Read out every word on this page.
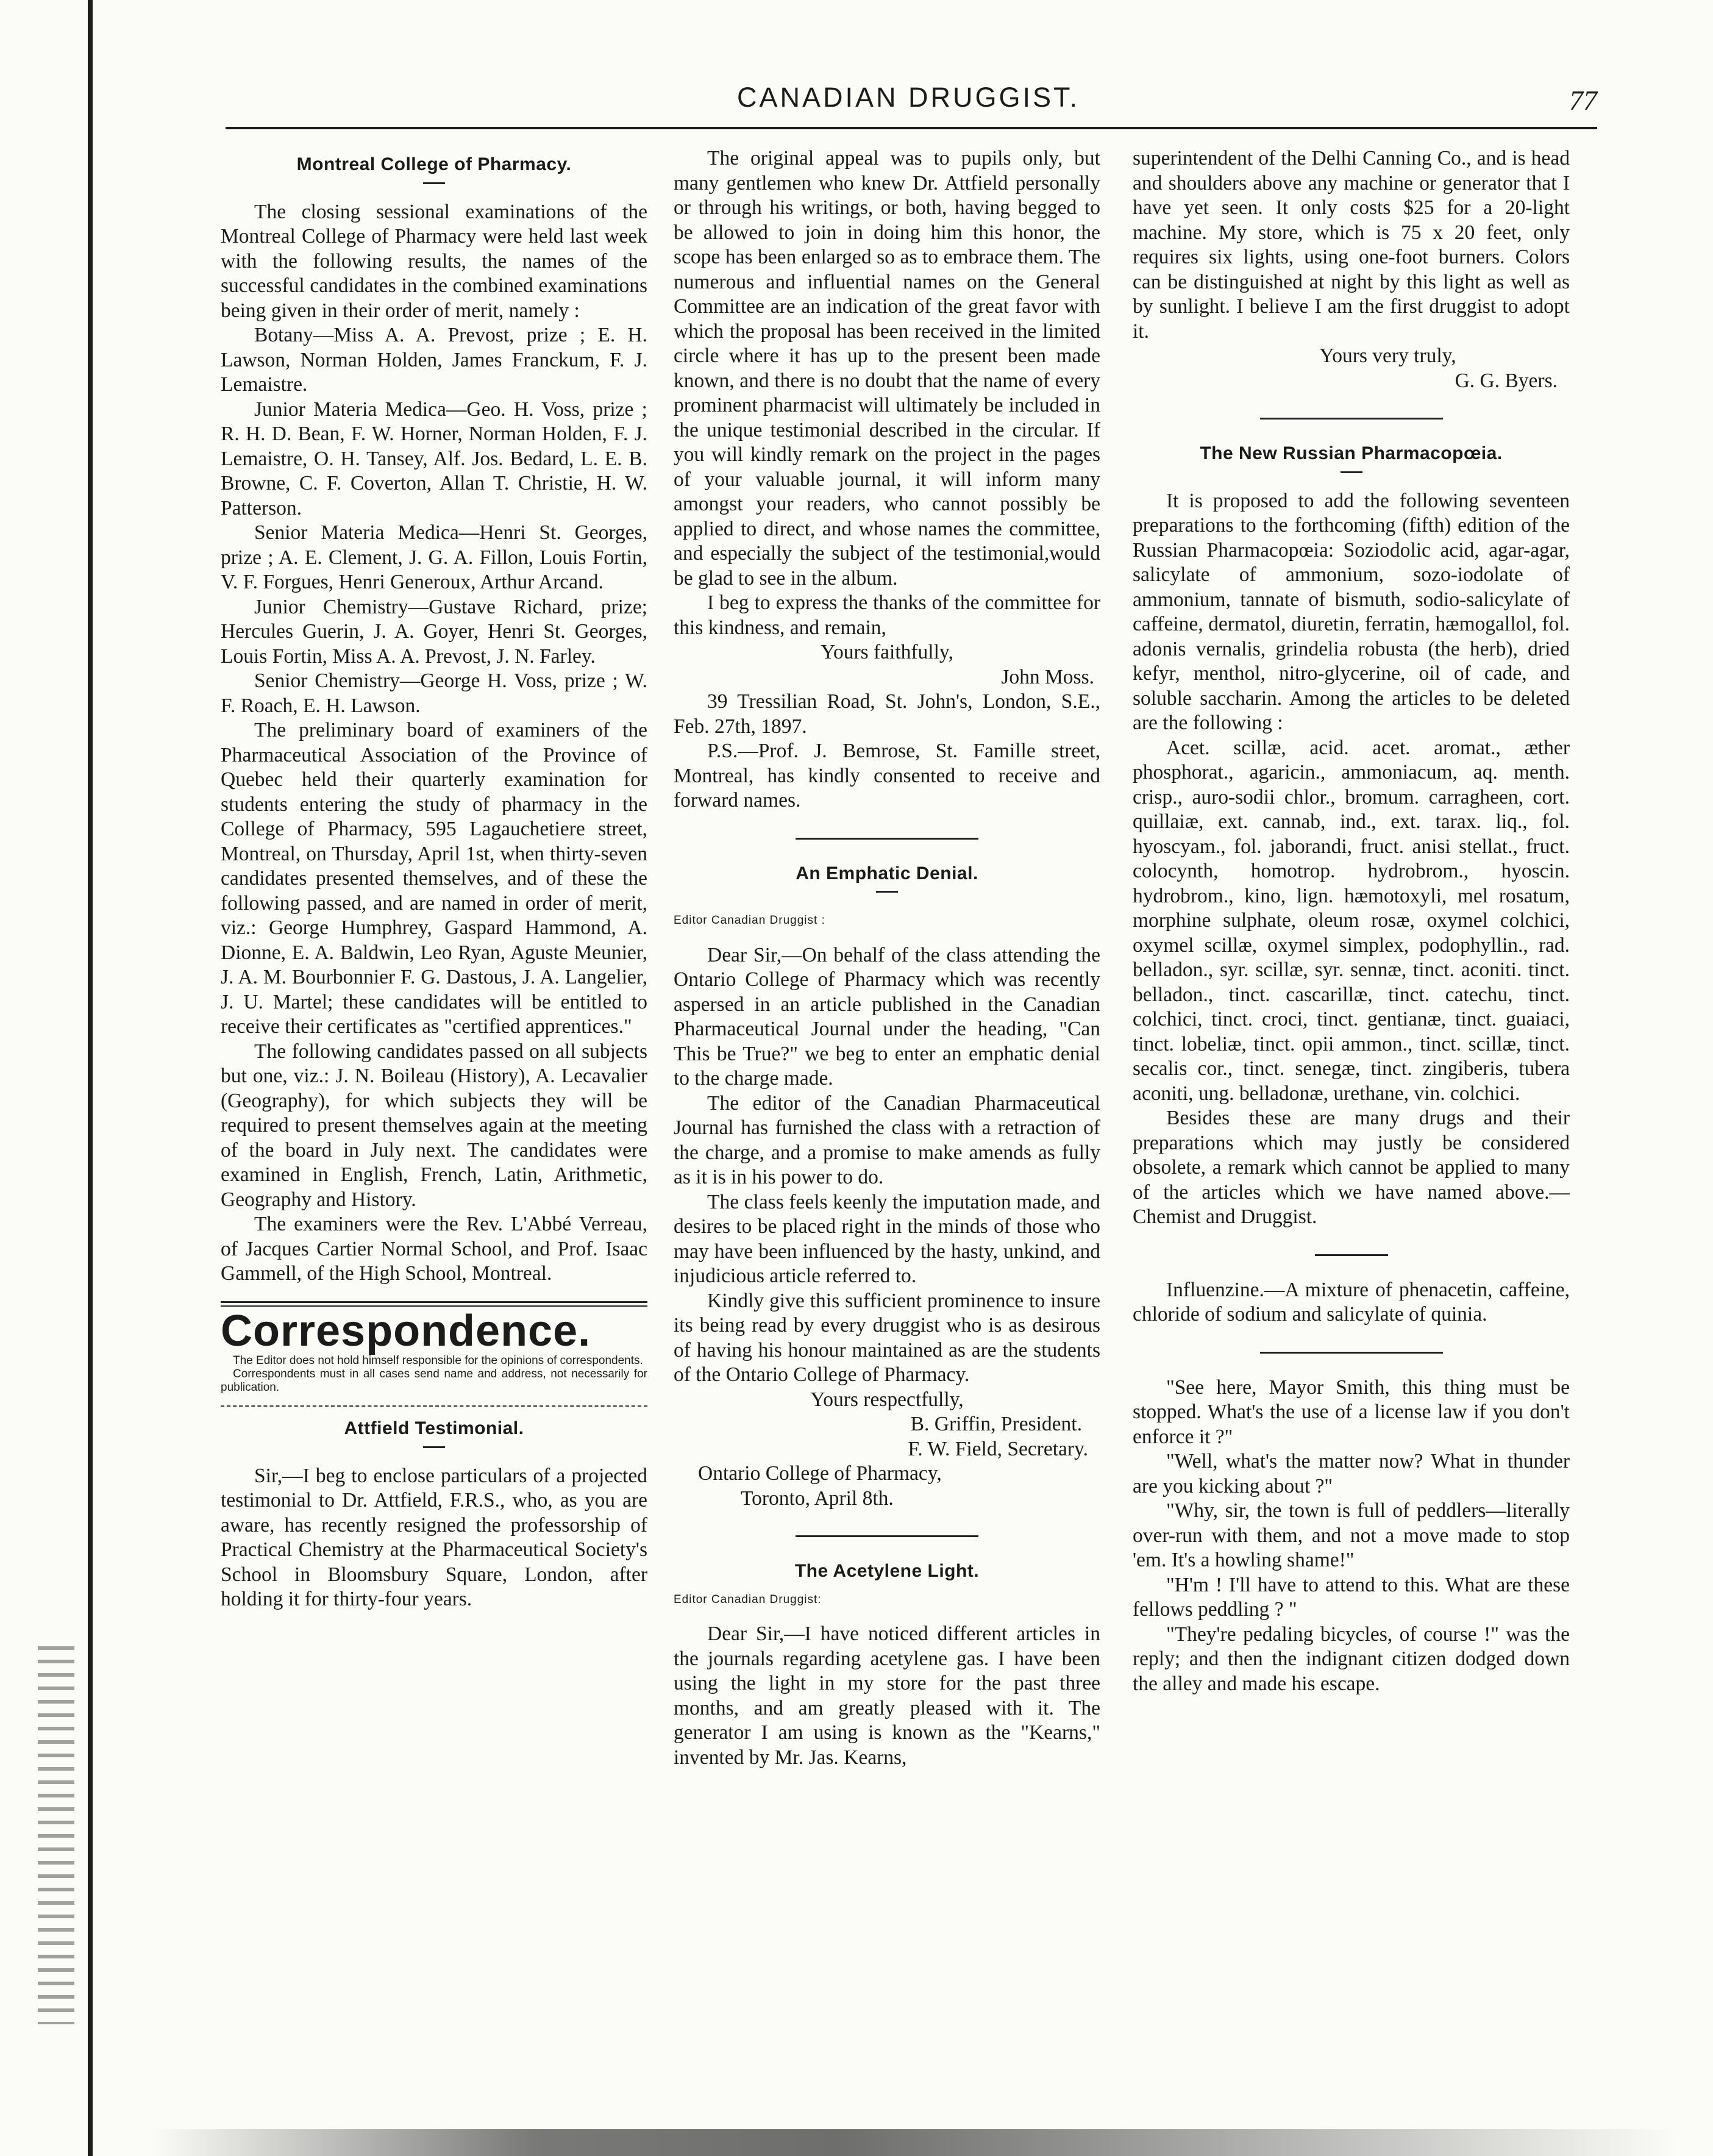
CANADIAN DRUGGIST.	77
Montreal College of Pharmacy.

The closing sessional examinations of the Montreal College of Pharmacy were held last week with the following results, the names of the successful candidates in the combined examinations being given in their order of merit, namely :

Botany—Miss A. A. Prevost, prize ; E. H. Lawson, Norman Holden, James Franckum, F. J. Lemaistre.

Junior Materia Medica—Geo. H. Voss, prize ; R. H. D. Bean, F. W. Horner, Norman Holden, F. J. Lemaistre, O. H. Tansey, Alf. Jos. Bedard, L. E. B. Browne, C. F. Coverton, Allan T. Christie, H. W. Patterson.

Senior Materia Medica—Henri St. Georges, prize ; A. E. Clement, J. G. A. Fillon, Louis Fortin, V. F. Forgues, Henri Generoux, Arthur Arcand.

Junior Chemistry—Gustave Richard, prize; Hercules Guerin, J. A. Goyer, Henri St. Georges, Louis Fortin, Miss A. A. Prevost, J. N. Farley.

Senior Chemistry—George H. Voss, prize ; W. F. Roach, E. H. Lawson.

The preliminary board of examiners of the Pharmaceutical Association of the Province of Quebec held their quarterly examination for students entering the study of pharmacy in the College of Pharmacy, 595 Lagauchetiere street, Montreal, on Thursday, April 1st, when thirty-seven candidates presented themselves, and of these the following passed, and are named in order of merit, viz.: George Humphrey, Gaspard Hammond, A. Dionne, E. A. Baldwin, Leo Ryan, Aguste Meunier, J. A. M. Bourbonnier F. G. Dastous, J. A. Langelier, J. U. Martel; these candidates will be entitled to receive their certificates as "certified apprentices."

The following candidates passed on all subjects but one, viz.: J. N. Boileau (History), A. Lecavalier (Geography), for which subjects they will be required to present themselves again at the meeting of the board in July next. The candidates were examined in English, French, Latin, Arithmetic, Geography and History.

The examiners were the Rev. L'Abbé Verreau, of Jacques Cartier Normal School, and Prof. Isaac Gammell, of the High School, Montreal.

Correspondence.
The Editor does not hold himself responsible for the opinions of correspondents.
Correspondents must in all cases send name and address, not necessarily for publication.
Attfield Testimonial.

Sir,—I beg to enclose particulars of a projected testimonial to Dr. Attfield, F.R.S., who, as you are aware, has recently resigned the professorship of Practical Chemistry at the Pharmaceutical Society's School in Bloomsbury Square, London, after holding it for thirty-four years.

The original appeal was to pupils only, but many gentlemen who knew Dr. Attfield personally or through his writings, or both, having begged to be allowed to join in doing him this honor, the scope has been enlarged so as to embrace them. The numerous and influential names on the General Committee are an indication of the great favor with which the proposal has been received in the limited circle where it has up to the present been made known, and there is no doubt that the name of every prominent pharmacist will ultimately be included in the unique testimonial described in the circular. If you will kindly remark on the project in the pages of your valuable journal, it will inform many amongst your readers, who cannot possibly be applied to direct, and whose names the committee, and especially the subject of the testimonial,would be glad to see in the album.

I beg to express the thanks of the committee for this kindness, and remain,

Yours faithfully,

John Moss.

39 Tressilian Road, St. John's, London, S.E., Feb. 27th, 1897.

P.S.—Prof. J. Bemrose, St. Famille street, Montreal, has kindly consented to receive and forward names.

An Emphatic Denial.

Editor Canadian Druggist :

Dear Sir,—On behalf of the class attending the Ontario College of Pharmacy which was recently aspersed in an article published in the Canadian Pharmaceutical Journal under the heading, "Can This be True?" we beg to enter an emphatic denial to the charge made.

The editor of the Canadian Pharmaceutical Journal has furnished the class with a retraction of the charge, and a promise to make amends as fully as it is in his power to do.

The class feels keenly the imputation made, and desires to be placed right in the minds of those who may have been influenced by the hasty, unkind, and injudicious article referred to.

Kindly give this sufficient prominence to insure its being read by every druggist who is as desirous of having his honour maintained as are the students of the Ontario College of Pharmacy.

Yours respectfully,

B. Griffin, President.

F. W. Field, Secretary.

Ontario College of Pharmacy,

Toronto, April 8th.

The Acetylene Light.

Editor Canadian Druggist:

Dear Sir,—I have noticed different articles in the journals regarding acetylene gas. I have been using the light in my store for the past three months, and am greatly pleased with it. The generator I am using is known as the "Kearns," invented by Mr. Jas. Kearns,

superintendent of the Delhi Canning Co., and is head and shoulders above any machine or generator that I have yet seen. It only costs $25 for a 20-light machine. My store, which is 75 x 20 feet, only requires six lights, using one-foot burners. Colors can be distinguished at night by this light as well as by sunlight. I believe I am the first druggist to adopt it.

Yours very truly,

G. G. Byers.

The New Russian Pharmacopœia.

It is proposed to add the following seventeen preparations to the forthcoming (fifth) edition of the Russian Pharmacopœia: Soziodolic acid, agar-agar, salicylate of ammonium, sozo-iodolate of ammonium, tannate of bismuth, sodio-salicylate of caffeine, dermatol, diuretin, ferratin, hæmogallol, fol. adonis vernalis, grindelia robusta (the herb), dried kefyr, menthol, nitro-glycerine, oil of cade, and soluble saccharin. Among the articles to be deleted are the following :

Acet. scillæ, acid. acet. aromat., æther phosphorat., agaricin., ammoniacum, aq. menth. crisp., auro-sodii chlor., bromum. carragheen, cort. quillaiæ, ext. cannab, ind., ext. tarax. liq., fol. hyoscyam., fol. jaborandi, fruct. anisi stellat., fruct. colocynth, homotrop. hydrobrom., hyoscin. hydrobrom., kino, lign. hæmotoxyli, mel rosatum, morphine sulphate, oleum rosæ, oxymel colchici, oxymel scillæ, oxymel simplex, podophyllin., rad. belladon., syr. scillæ, syr. sennæ, tinct. aconiti. tinct. belladon., tinct. cascarillæ, tinct. catechu, tinct. colchici, tinct. croci, tinct. gentianæ, tinct. guaiaci, tinct. lobeliæ, tinct. opii ammon., tinct. scillæ, tinct. secalis cor., tinct. senegæ, tinct. zingiberis, tubera aconiti, ung. belladonæ, urethane, vin. colchici.

Besides these are many drugs and their preparations which may justly be considered obsolete, a remark which cannot be applied to many of the articles which we have named above.—Chemist and Druggist.

Influenzine.—A mixture of phenacetin, caffeine, chloride of sodium and salicylate of quinia.

"See here, Mayor Smith, this thing must be stopped. What's the use of a license law if you don't enforce it ?"

"Well, what's the matter now? What in thunder are you kicking about ?"

"Why, sir, the town is full of peddlers—literally over-run with them, and not a move made to stop 'em. It's a howling shame!"

"H'm ! I'll have to attend to this. What are these fellows peddling ? "

"They're pedaling bicycles, of course !" was the reply; and then the indignant citizen dodged down the alley and made his escape.
